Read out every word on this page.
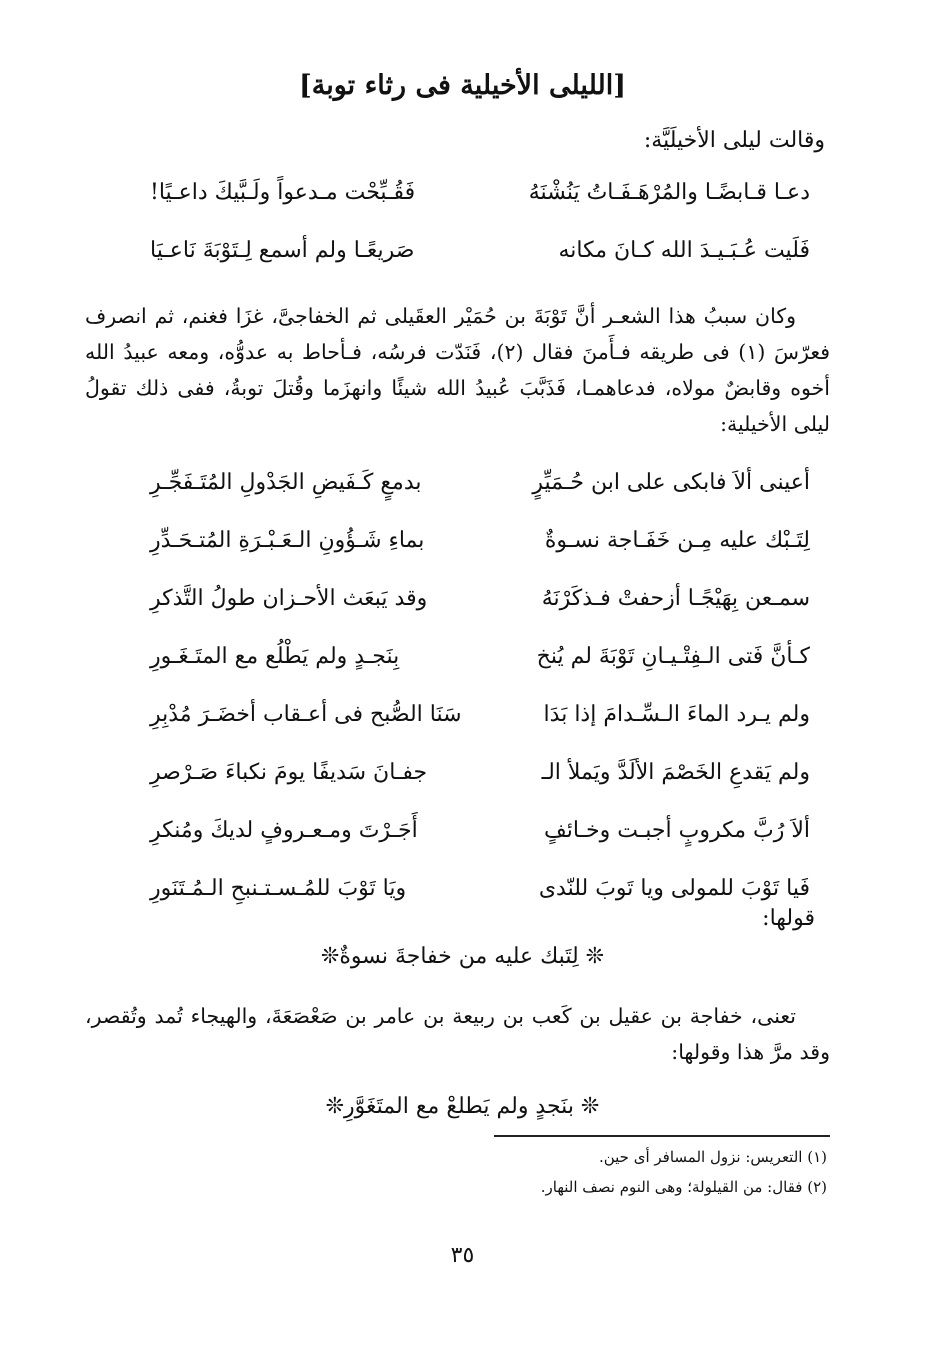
[الليلى الأخيلية فى رثاء توبة]
وقالت ليلى الأخيلَيَّة:
دعـا قـابضًـا والمُرْهَـفَـاتُ يَنُشْنَهُ
فَقُـبِّحْت مـدعواً ولَـبَّيكَ داعـيًا!
فَلَيت عُـبَـيـدَ الله كـانَ مكانه
صَريعًـا ولم أسمع لِـتَوْبَةَ نَاعـيَا

وكان سببُ هذا الشعـر أنَّ تَوْبَةَ بن حُمَيْر العقَيلى ثم الخفاجىَّ، غزَا فغنم، ثم انصرف فعرّسَ (١) فى طريقه فـأَمنَ فقال (٢)، فَنَدّت فرسُه، فـأحاط به عدوُّه، ومعه عبيدُ الله أخوه وقابضٌ مولاه، فدعاهمـا، فَذَبَّبَ عُبيدُ الله شيئًا وانهزَما وقُتلَ توبةُ، ففى ذلك تقولُ ليلى الأخيلية:

أعينى ألاَ فابكى على ابن حُـمَيِّرٍ
بدمعٍ كَـفَيضِ الجَدْولِ المُتَـفَجِّـرِ
لِتَـبْك عليه مِـن خَفَـاجة نسـوةٌ
بماءِ شَـؤُونِ الـعَـبْـرَةِ المُتـحَـدِّرِ
سمـعن بِهَيْجًـا أزحفتْ فـذكَرْنَهُ
وقد يَبعَث الأحـزان طولُ التَّذكرِ
كـأنَّ فَتى الـفِتْـيـانِ تَوْبَةَ لم يُنخ
بِنَجـدٍ ولم يَطْلُع مع المتَـغَـورِ
ولم يـرد الماءَ الـسِّـدامَ إذا بَدَا
سَنَا الصُّبح فى أعـقاب أخضَـرَ مُدْبِرِ
ولم يَقدعِ الخَصْمَ الألَدَّ ويَملأ الـ
جفـانَ سَديفًا يومَ نكباءَ صَـرْصرِ
ألاَ رُبَّ مكروبٍ أجبـت وخـائفٍ
أَجَـرْتَ ومـعـروفٍ لديكَ ومُنكرِ
فَيا تَوْبَ للمولى ويا تَوبَ للنّدى
ويَا تَوْبَ للمُـسـتـنبحِ الـمُـتَنَورِ
قولها:
❊ لِتَبك عليه من خفاجةَ نسوةٌ❊

تعنى، خفاجة بن عقيل بن كَعب بن ربيعة بن عامر بن صَعْصَعَةَ، والهيجاء تُمد وتُقصر، وقد مرَّ هذا وقولها:

❊ بنَجدٍ ولم يَطلعْ مع المتَغَوَّرِ❊
(١) التعريس: نزول المسافر أى حين.
(٢) فقال: من القيلولة؛ وهى النوم نصف النهار.
٣٥
